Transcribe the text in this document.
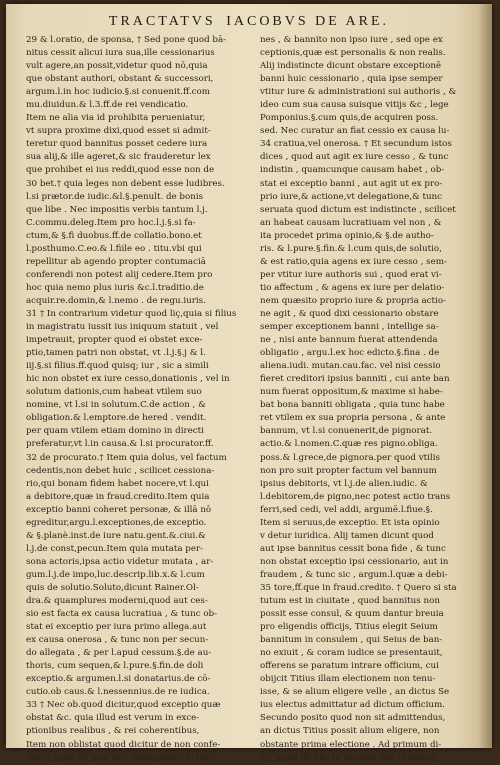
TRACTATVS IACOBVS DE ARE.
29 & l.oratio, de sponsa, † Sed pone quod bā-
nitus cessit alicui iura sua,ille cessionarius
vult agere,an possit,videtur quod nō,quia
que obstant authori, obstant & successori,
argum.l.in hoc iudicio.§.si conuenit.ff.com
mu.diuidun.& l.3.ff.de rei vendicatio.
Item ne alia via id prohibita perueniatur,
vt supra proxime dixi,quod esset si admit-
teretur quod bannitus posset cedere iura
sua alij,& ille ageret,& sic frauderetur lex
que prohibet ei ius reddi,quod esse non de
30 bet.† quia leges non debent esse ludibres.
l.si prætor.de iudic.&l.§.penult. de bonis
que libe . Nec impositis verbis tantum l.j.
C.commu.deleg.Item pro hoc.l.j.§.si fa-
ctum,& §.fi duobus.ff.de collatio.bono.et
l.posthumo.C.eo.& l.fiile eo . titu.vbi qui
repellitur ab agendo propter contumaciā
conferendi non potest alij cedere.Item pro
hoc quia nemo plus iuris &c.l.traditio.de
acquir.re.domin,& l.nemo . de regu.iuris.
31 † In contrarium videtur quod liç,quia si filius
in magistratu iussit ius iniquum statuit , vel
impetrauit, propter quod ei obstet exce-
ptio,tamen patri non obstat, vt .l.j.§.j & l.
iij.§.si filius.ff.quod quisq; iur , sic a simili
hic non obstet ex iure cesso,donationis , vel in
solutum dationis,cum habeat vtilem suo
nomine, vt l.si in solutum.C.de action , &
obligation.& l.emptore.de hered . vendit.
per quam vtilem etiam domino in directi
preferatur,vt l.in causa.& l.si procurator.ff.
32 de procurato.† Item quia dolus, vel factum
cedentis,non debet huic , scilicet cessiona-
rio,qui bonam fidem habet nocere,vt l.qui
a debitore,quæ in fraud.credito.Item quia
exceptio banni coheret personæ, & illā nō
egreditur,argu.l.exceptiones,de exceptio.
& §.planè.inst.de iure natu.gent.&.ciui.&
l.j.de const,pecun.Item quia mutata per-
sona actoris,ipsa actio videtur mutata , ar-
gum.l.j.de impo,luc.descrip.lib.x.& l.cum
quis de solutio.Soluto,dicunt Rainer.Ol-
dra.& quamplures moderni,quod aut ces-
sio est facta ex causa lucratiua , & tunc ob-
stat ei exceptio per iura primo allega.aut
ex causa onerosa , & tunc non per secun-
do allegata , & per l.apud cessum.§.de au-
thoris, cum sequen,& l.pure.§.fin.de doli
exceptio.& argumen.l.si donatarius.de cō-
cutio.ob caus.& l.nessennius.de re iudica.
33 † Nec ob.quod dicitur,quod exceptio quæ
obstat &c. quia illud est verum in exce-
ptionibus realibus , & rei coherentibus,
Item non oblistat quod dicitur de non confe-
rente, quia illi ipso iure denegantur actio-
nes , & bannito non ipso iure , sed ope ex
ceptionis,quæ est personalis & non realis.
Alij indistincte dicunt obstare exceptionē
banni huic cessionario , quia ipse semper
vtitur iure & administrationi sui authoris , &
ideo cum sua causa suisque vitijs &c , lege
Pomponius.§.cum quis,de acquiren poss.
sed. Nec curatur an fiat cessio ex causa lu-
34 cratiua,vel onerosa. † Et secundum istos
dices , quod aut agit ex iure cesso , & tunc
indistin , quamcunque causam habet , ob-
stat ei exceptio banni , aut agit ut ex pro-
prio iure,& actione,vt delegatione,& tunc
seruata quod dictum est indistincte , scilicet
an habeat causam lucratiuam vel non , &
ita procedet prima opinio,& §.de autho-
ris. & l.pure.§.fin.& l.cum quis,de solutio,
& est ratio,quia agens ex iure cesso , sem-
per vtitur iure authoris sui , quod erat vi-
tio affectum , & agens ex iure per delatio-
nem quæsito proprio iure & propria actio-
ne agit , & quod dixi cessionario obstare
semper exceptionem banni , intellige sa-
ne , nisi ante bannum fuerat attendenda
obligatio , argu.l.ex hoc edicto.§.fina . de
aliena.iudi. mutan.cau.fac. vel nisi cessio
fieret creditori ipsius banniti , cui ante ban
num fuerat oppositum,& maxime si habe-
bat bona banniti obligata , quia tunc habe
ret vtilem ex sua propria persona , & ante
bannum, vt l.si conuenerit,de pignorat.
actio.& l.nomen.C.quæ res pigno.obliga.
poss.& l.grece,de pignora.per quod vtilis
non pro suit propter factum vel bannum
ipsius debitoris, vt l.j.de alien.iudic. &
l.debitorem,de pigno,nec potest actio trans
ferri,sed cedi, vel addi, argumē.l.fiue.§.
Item si seruus,de exceptio. Et ista opinio
v detur iuridica. Alij tamen dicunt quod
aut ipse bannitus cessit bona fide , & tunc
non obstat exceptio ipsi cessionario, aut in
fraudem , & tunc sic , argum.l.quæ a debi-
35 tore,ff.que in fraud.credito. † Quero si sta
tutum est in ciuitate , quod bannitus non
possit esse consul, & quum dantur breuia
pro eligendis officijs, Titius elegit Seium
bannitum in consulem , qui Seius de ban-
no exiuit , & coram iudice se presentauit,
offerens se paratum intrare officium, cui
obijcit Titius illam electionem non tenu-
isse, & se alium eligere velle , an dictus Se
ius electus admittatur ad dictum officium.
Secundo posito quod non sit admittendus,
an dictus Titius possit alium eligere, non
obstante prima electione . Ad primum di-
co, quod illi electo obstant iste rationes,
